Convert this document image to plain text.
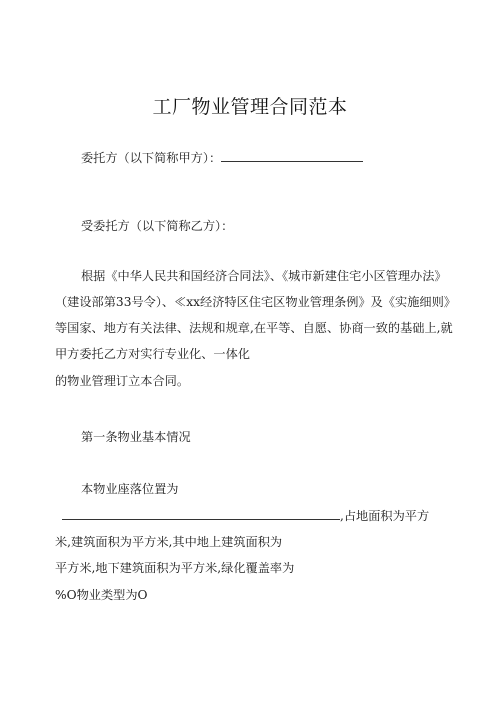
工厂物业管理合同范本
委托方（以下简称甲方）：
受委托方（以下简称乙方）：
根据《中华人民共和国经济合同法》、《城市新建住宅小区管理办法》
（建设部第33号令）、≪xx经济特区住宅区物业管理条例》及《实施细则》
等国家、地方有关法律、法规和规章,在平等、自愿、协商一致的基础上,就
甲方委托乙方对实行专业化、一体化
的物业管理订立本合同。
第一条物业基本情况
本物业座落位置为
,占地面积为平方
米,建筑面积为平方米,其中地上建筑面积为
平方米,地下建筑面积为平方米,绿化覆盖率为
%O物业类型为O
